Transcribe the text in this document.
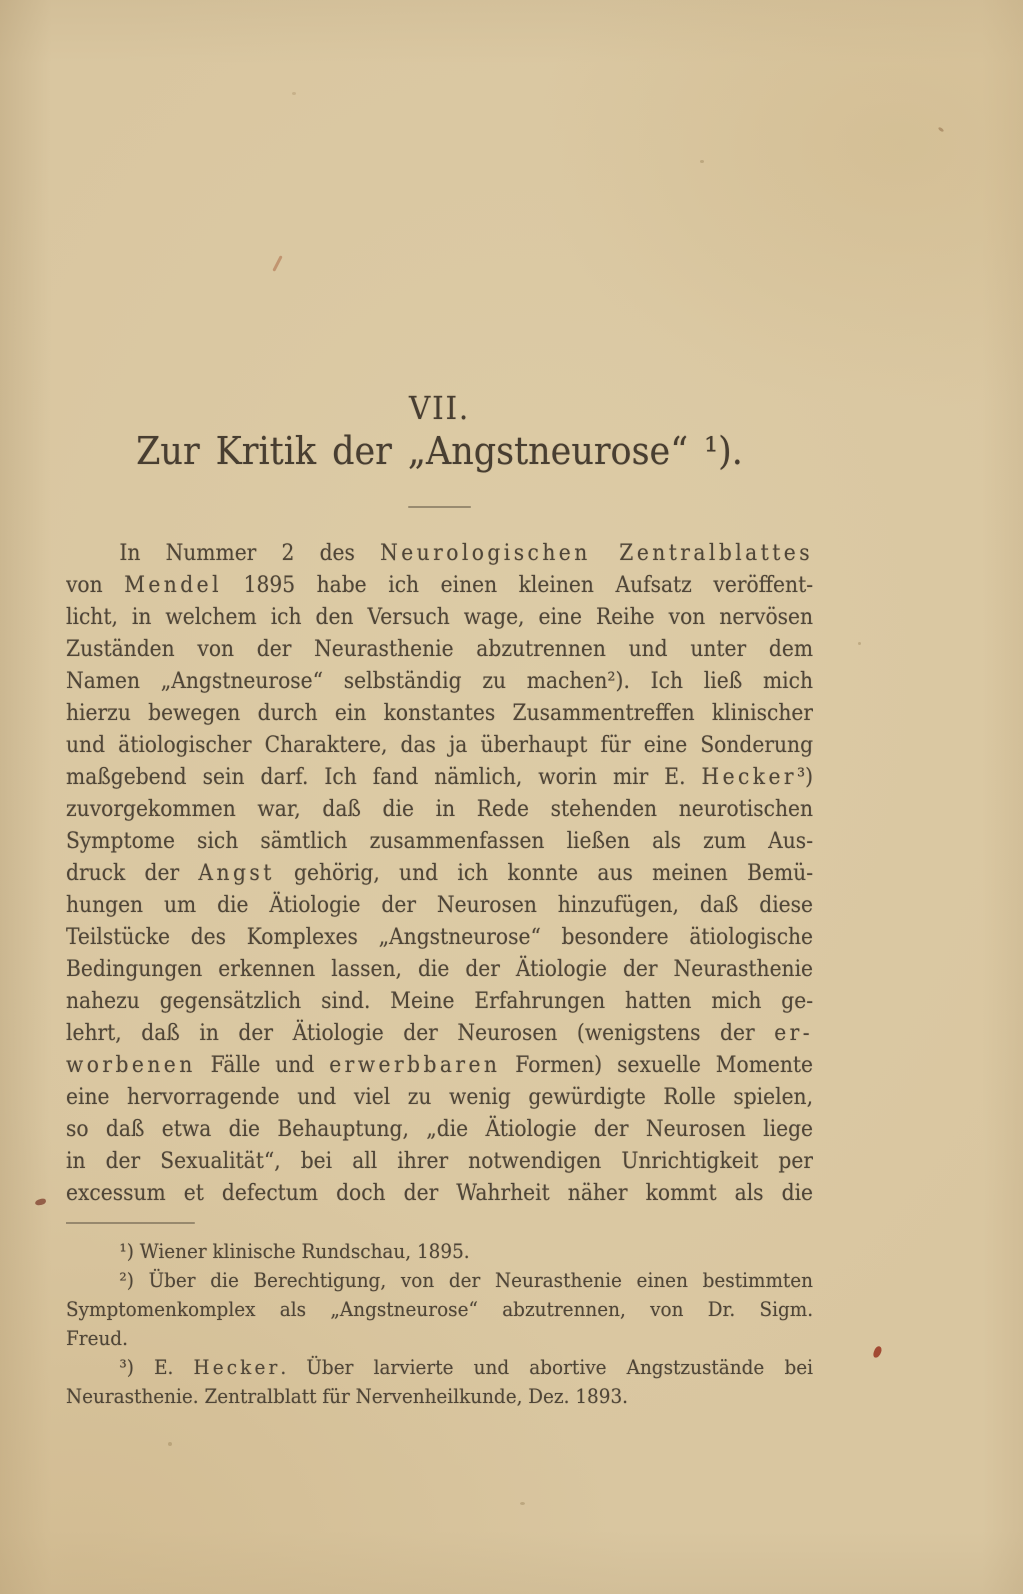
VII.
Zur Kritik der „Angstneurose“ ¹).
In Nummer 2 des Neurologischen Zentralblattes
von Mendel 1895 habe ich einen kleinen Aufsatz veröffent-
licht, in welchem ich den Versuch wage, eine Reihe von nervösen
Zuständen von der Neurasthenie abzutrennen und unter dem
Namen „Angstneurose“ selbständig zu machen²). Ich ließ mich
hierzu bewegen durch ein konstantes Zusammentreffen klinischer
und ätiologischer Charaktere, das ja überhaupt für eine Sonderung
maßgebend sein darf. Ich fand nämlich, worin mir E. Hecker³)
zuvorgekommen war, daß die in Rede stehenden neurotischen
Symptome sich sämtlich zusammenfassen ließen als zum Aus-
druck der Angst gehörig, und ich konnte aus meinen Bemü-
hungen um die Ätiologie der Neurosen hinzufügen, daß diese
Teilstücke des Komplexes „Angstneurose“ besondere ätiologische
Bedingungen erkennen lassen, die der Ätiologie der Neurasthenie
nahezu gegensätzlich sind. Meine Erfahrungen hatten mich ge-
lehrt, daß in der Ätiologie der Neurosen (wenigstens der er-
worbenen Fälle und erwerbbaren Formen) sexuelle Momente
eine hervorragende und viel zu wenig gewürdigte Rolle spielen,
so daß etwa die Behauptung, „die Ätiologie der Neurosen liege
in der Sexualität“, bei all ihrer notwendigen Unrichtigkeit per
excessum et defectum doch der Wahrheit näher kommt als die
¹) Wiener klinische Rundschau, 1895.
²) Über die Berechtigung, von der Neurasthenie einen bestimmten
Symptomenkomplex als „Angstneurose“ abzutrennen, von Dr. Sigm.
Freud.
³) E. Hecker. Über larvierte und abortive Angstzustände bei
Neurasthenie. Zentralblatt für Nervenheilkunde, Dez. 1893.
